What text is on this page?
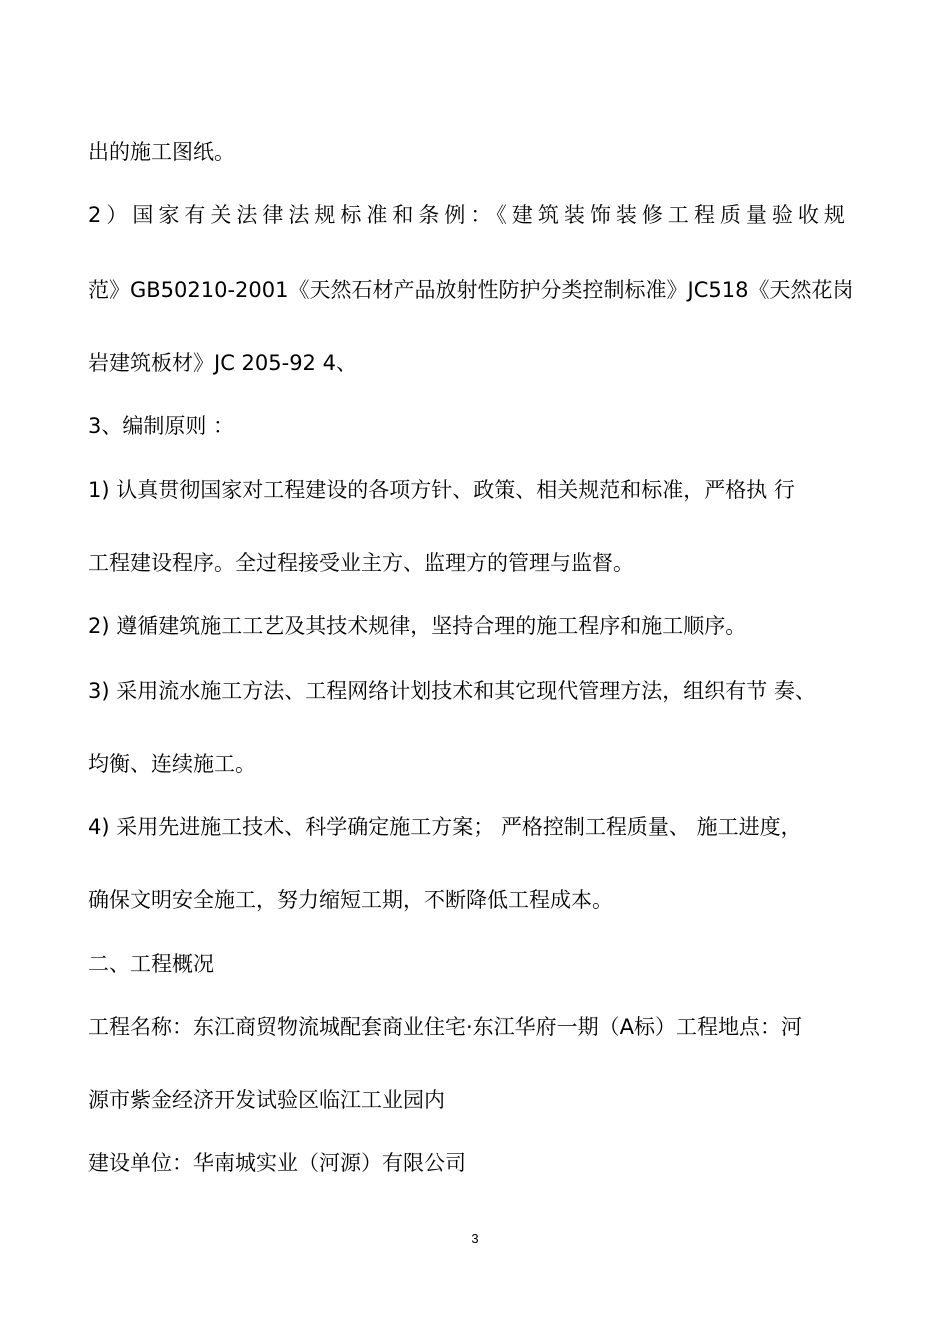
出的施工图纸。
2）国家有关法律法规标准和条例：《建筑装饰装修工程质量验收规
范》GB50210-2001《天然石材产品放射性防护分类控制标准》JC518《天然花岗
岩建筑板材》JC 205-92 4、
3、编制原则 ：
1) 认真贯彻国家对工程建设的各项方针、政策、相关规范和标准，严格执 行
工程建设程序。全过程接受业主方、监理方的管理与监督。
2) 遵循建筑施工工艺及其技术规律，坚持合理的施工程序和施工顺序。
3) 采用流水施工方法、工程网络计划技术和其它现代管理方法，组织有节 奏、
均衡、连续施工。
4) 采用先进施工技术、科学确定施工方案； 严格控制工程质量、 施工进度，
确保文明安全施工，努力缩短工期，不断降低工程成本。
二、工程概况
工程名称：东江商贸物流城配套商业住宅·东江华府一期（A标）工程地点：河
源市紫金经济开发试验区临江工业园内
建设单位：华南城实业（河源）有限公司
3
